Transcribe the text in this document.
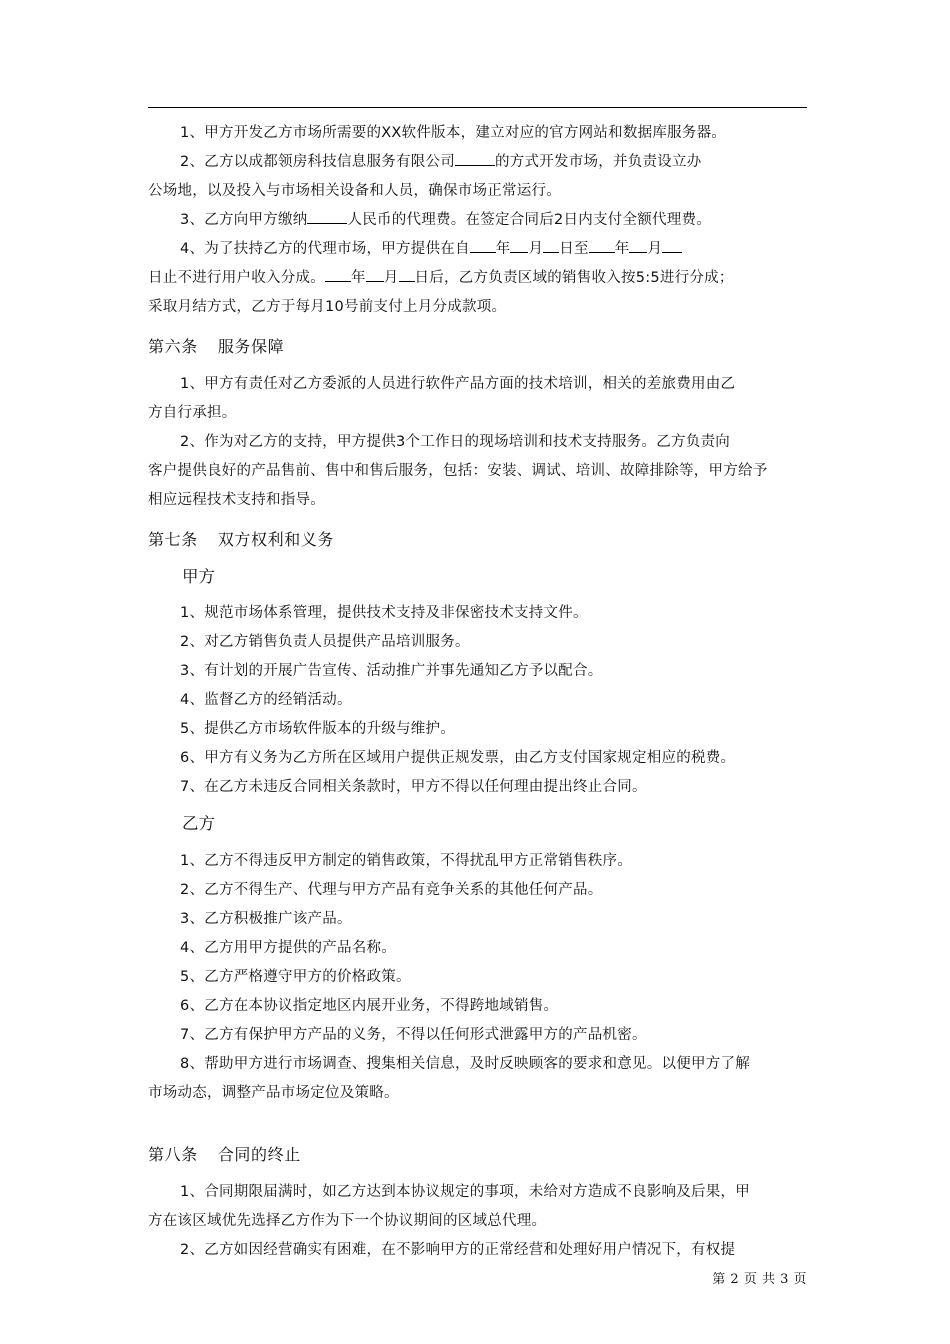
1、甲方开发乙方市场所需要的XX软件版本，建立对应的官方网站和数据库服务器。

2、乙方以成都领房科技信息服务有限公司	的方式开发市场，并负责设立办

公场地，以及投入与市场相关设备和人员，确保市场正常运行。

3、乙方向甲方缴纳	人民币的代理费。在签定合同后2日内支付全额代理费。

4、为了扶持乙方的代理市场，甲方提供在自 年 月 日至 年 月

日止不进行用户收入分成。 年 月 日后，乙方负责区域的销售收入按5:5进行分成；

采取月结方式，乙方于每月10号前支付上月分成款项。

第六条 服务保障

1、甲方有责任对乙方委派的人员进行软件产品方面的技术培训，相关的差旅费用由乙

方自行承担。

2、作为对乙方的支持，甲方提供3个工作日的现场培训和技术支持服务。乙方负责向

客户提供良好的产品售前、售中和售后服务，包括：安装、调试、培训、故障排除等，甲方给予

相应远程技术支持和指导。

第七条 双方权利和义务
甲方

1、规范市场体系管理，提供技术支持及非保密技术支持文件。

2、对乙方销售负责人员提供产品培训服务。

3、有计划的开展广告宣传、活动推广并事先通知乙方予以配合。

4、监督乙方的经销活动。

5、提供乙方市场软件版本的升级与维护。

6、甲方有义务为乙方所在区域用户提供正规发票，由乙方支付国家规定相应的税费。

7、在乙方未违反合同相关条款时，甲方不得以任何理由提出终止合同。

乙方

1、乙方不得违反甲方制定的销售政策，不得扰乱甲方正常销售秩序。

2、乙方不得生产、代理与甲方产品有竞争关系的其他任何产品。

3、乙方积极推广该产品。

4、乙方用甲方提供的产品名称。

5、乙方严格遵守甲方的价格政策。

6、乙方在本协议指定地区内展开业务，不得跨地域销售。

7、乙方有保护甲方产品的义务，不得以任何形式泄露甲方的产品机密。

8、帮助甲方进行市场调查、搜集相关信息，及时反映顾客的要求和意见。以便甲方了解

市场动态，调整产品市场定位及策略。

第八条 合同的终止

1、合同期限届满时，如乙方达到本协议规定的事项，未给对方造成不良影响及后果，甲

方在该区域优先选择乙方作为下一个协议期间的区域总代理。

2、乙方如因经营确实有困难，在不影响甲方的正常经营和处理好用户情况下，有权提

第 2 页 共 3 页
